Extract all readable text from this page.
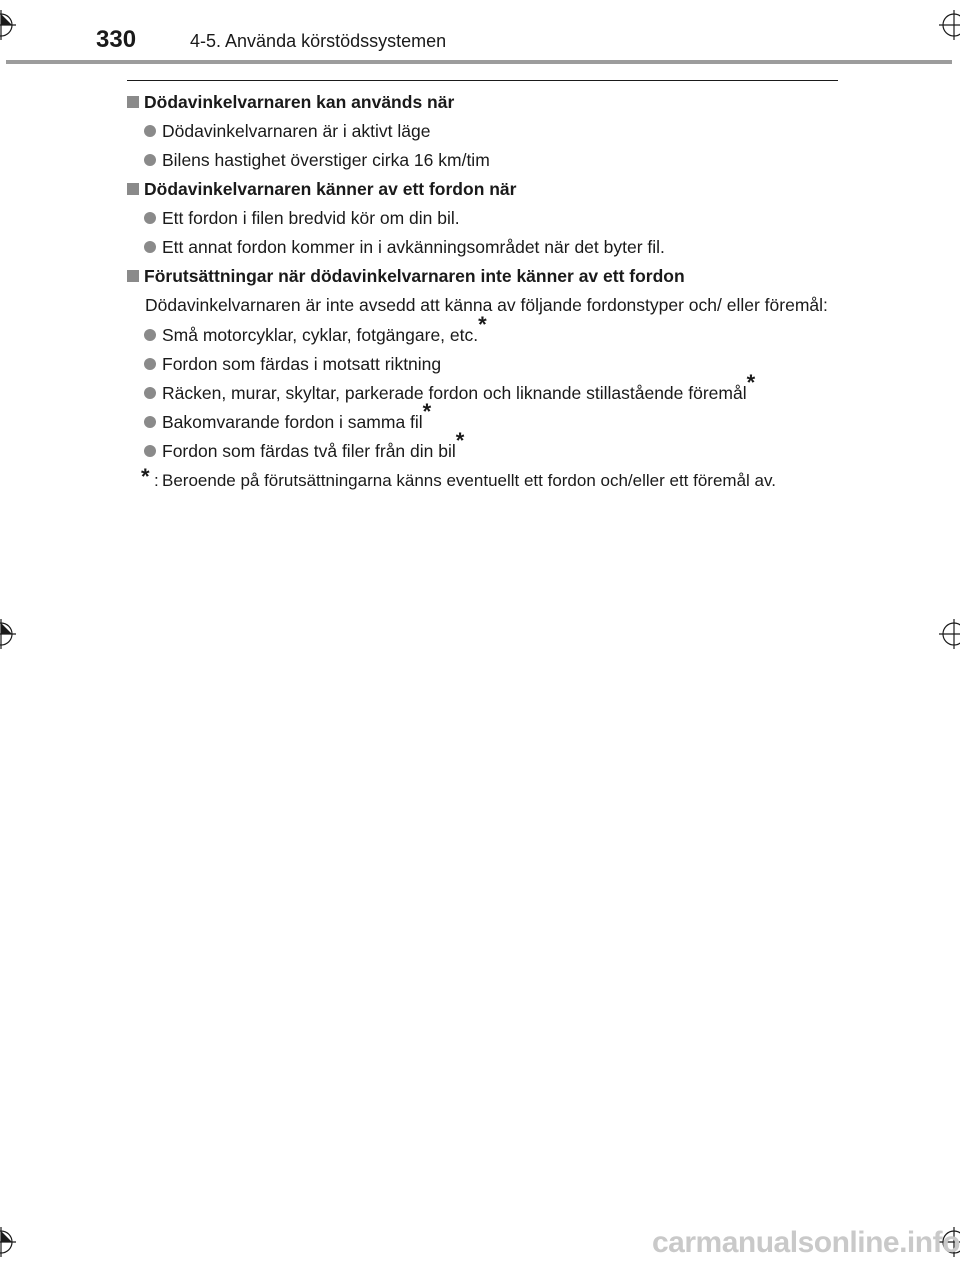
330	4-5. Använda körstödssystemen
Dödavinkelvarnaren kan används när
Dödavinkelvarnaren är i aktivt läge
Bilens hastighet överstiger cirka 16 km/tim
Dödavinkelvarnaren känner av ett fordon när
Ett fordon i filen bredvid kör om din bil.
Ett annat fordon kommer in i avkänningsområdet när det byter fil.
Förutsättningar när dödavinkelvarnaren inte känner av ett fordon
Dödavinkelvarnaren är inte avsedd att känna av följande fordonstyper och/ eller föremål:
Små motorcyklar, cyklar, fotgängare, etc.*
Fordon som färdas i motsatt riktning
Räcken, murar, skyltar, parkerade fordon och liknande stillastående föremål*
Bakomvarande fordon i samma fil*
Fordon som färdas två filer från din bil*
* : Beroende på förutsättningarna känns eventuellt ett fordon och/eller ett föremål av.
carmanualsonline.info
